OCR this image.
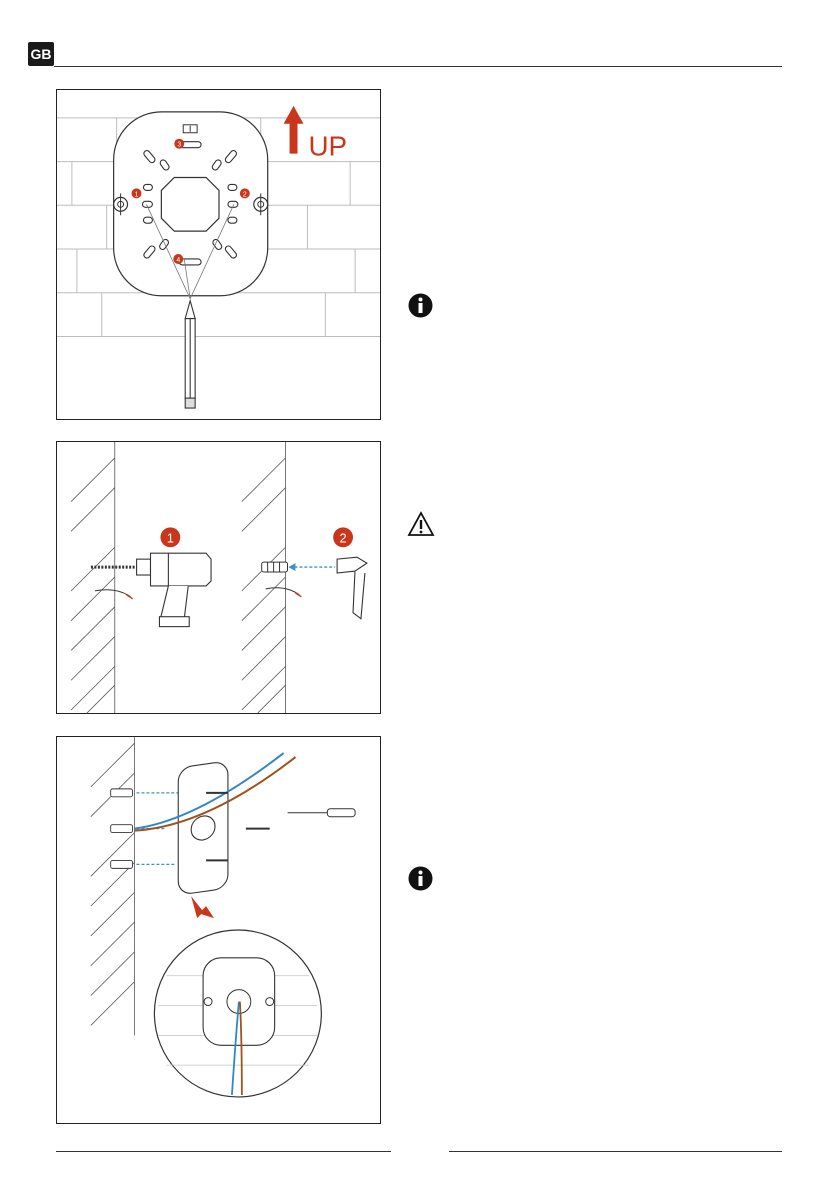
GB
1	2
3
4
UP
1	2
